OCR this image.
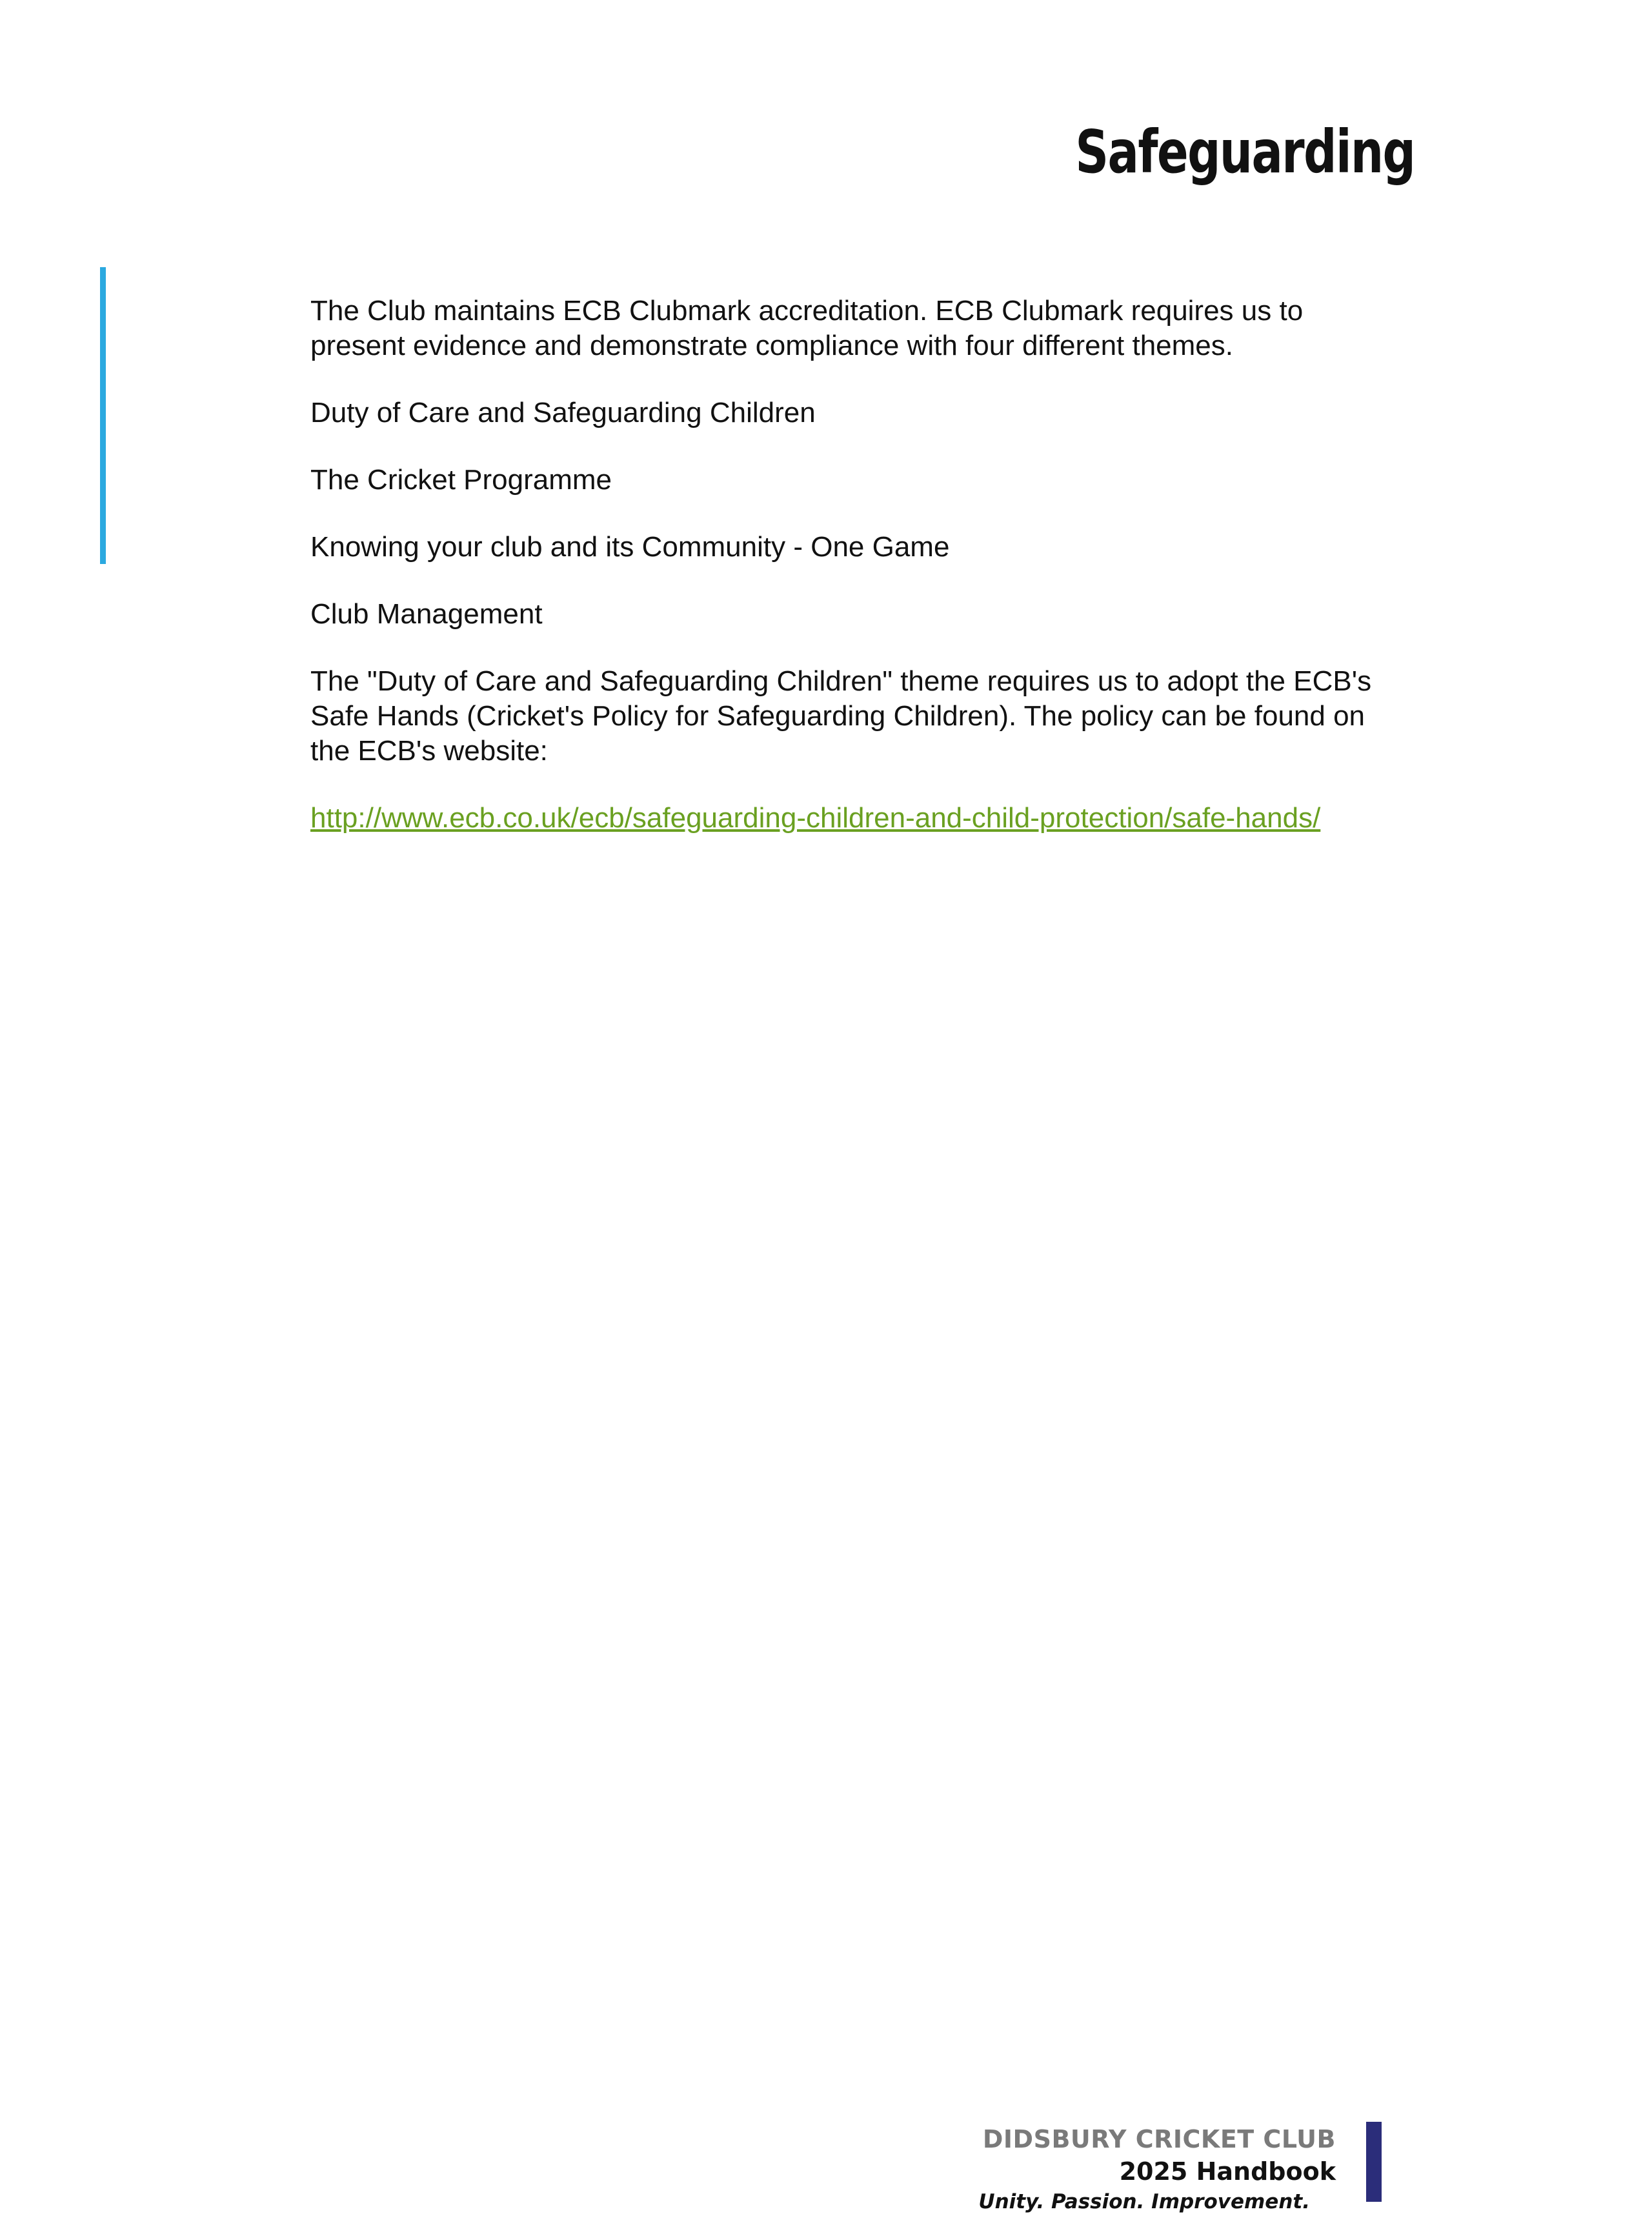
Safeguarding

The Club maintains ECB Clubmark accreditation. ECB Clubmark requires us to present evidence and demonstrate compliance with four different themes.

Duty of Care and Safeguarding Children

The Cricket Programme

Knowing your club and its Community - One Game

Club Management

The "Duty of Care and Safeguarding Children" theme requires us to adopt the ECB's Safe Hands (Cricket's Policy for Safeguarding Children). The policy can be found on the ECB's website:

http://www.ecb.co.uk/ecb/safeguarding-children-and-child-protection/safe-hands/

DIDSBURY CRICKET CLUB

2025 Handbook

Unity. Passion. Improvement.
